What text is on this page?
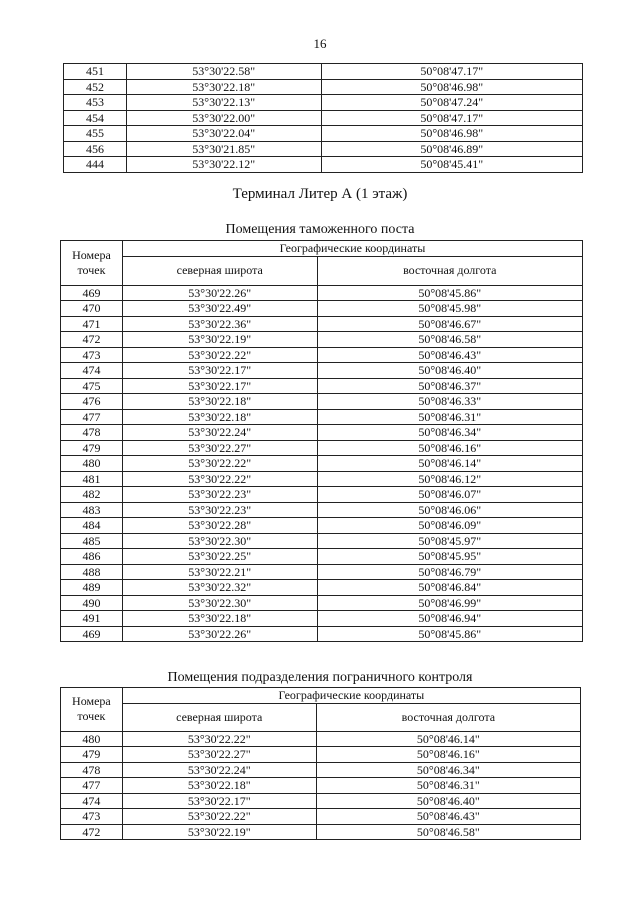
16
451	53°30'22.58"	50°08'47.17"
452	53°30'22.18"	50°08'46.98"
453	53°30'22.13"	50°08'47.24"
454	53°30'22.00"	50°08'47.17"
455	53°30'22.04"	50°08'46.98"
456	53°30'21.85"	50°08'46.89"
444	53°30'22.12"	50°08'45.41"
Терминал Литер А (1 этаж)
Помещения таможенного поста
Номера точек	Географические координаты	
	северная широта	восточная долгота
469	53°30'22.26"	50°08'45.86"
470	53°30'22.49"	50°08'45.98"
471	53°30'22.36"	50°08'46.67"
472	53°30'22.19"	50°08'46.58"
473	53°30'22.22"	50°08'46.43"
474	53°30'22.17"	50°08'46.40"
475	53°30'22.17"	50°08'46.37"
476	53°30'22.18"	50°08'46.33"
477	53°30'22.18"	50°08'46.31"
478	53°30'22.24"	50°08'46.34"
479	53°30'22.27"	50°08'46.16"
480	53°30'22.22"	50°08'46.14"
481	53°30'22.22"	50°08'46.12"
482	53°30'22.23"	50°08'46.07"
483	53°30'22.23"	50°08'46.06"
484	53°30'22.28"	50°08'46.09"
485	53°30'22.30"	50°08'45.97"
486	53°30'22.25"	50°08'45.95"
488	53°30'22.21"	50°08'46.79"
489	53°30'22.32"	50°08'46.84"
490	53°30'22.30"	50°08'46.99"
491	53°30'22.18"	50°08'46.94"
469	53°30'22.26"	50°08'45.86"
Помещения подразделения пограничного контроля
Номера точек	Географические координаты	
	северная широта	восточная долгота
480	53°30'22.22"	50°08'46.14"
479	53°30'22.27"	50°08'46.16"
478	53°30'22.24"	50°08'46.34"
477	53°30'22.18"	50°08'46.31"
474	53°30'22.17"	50°08'46.40"
473	53°30'22.22"	50°08'46.43"
472	53°30'22.19"	50°08'46.58"
